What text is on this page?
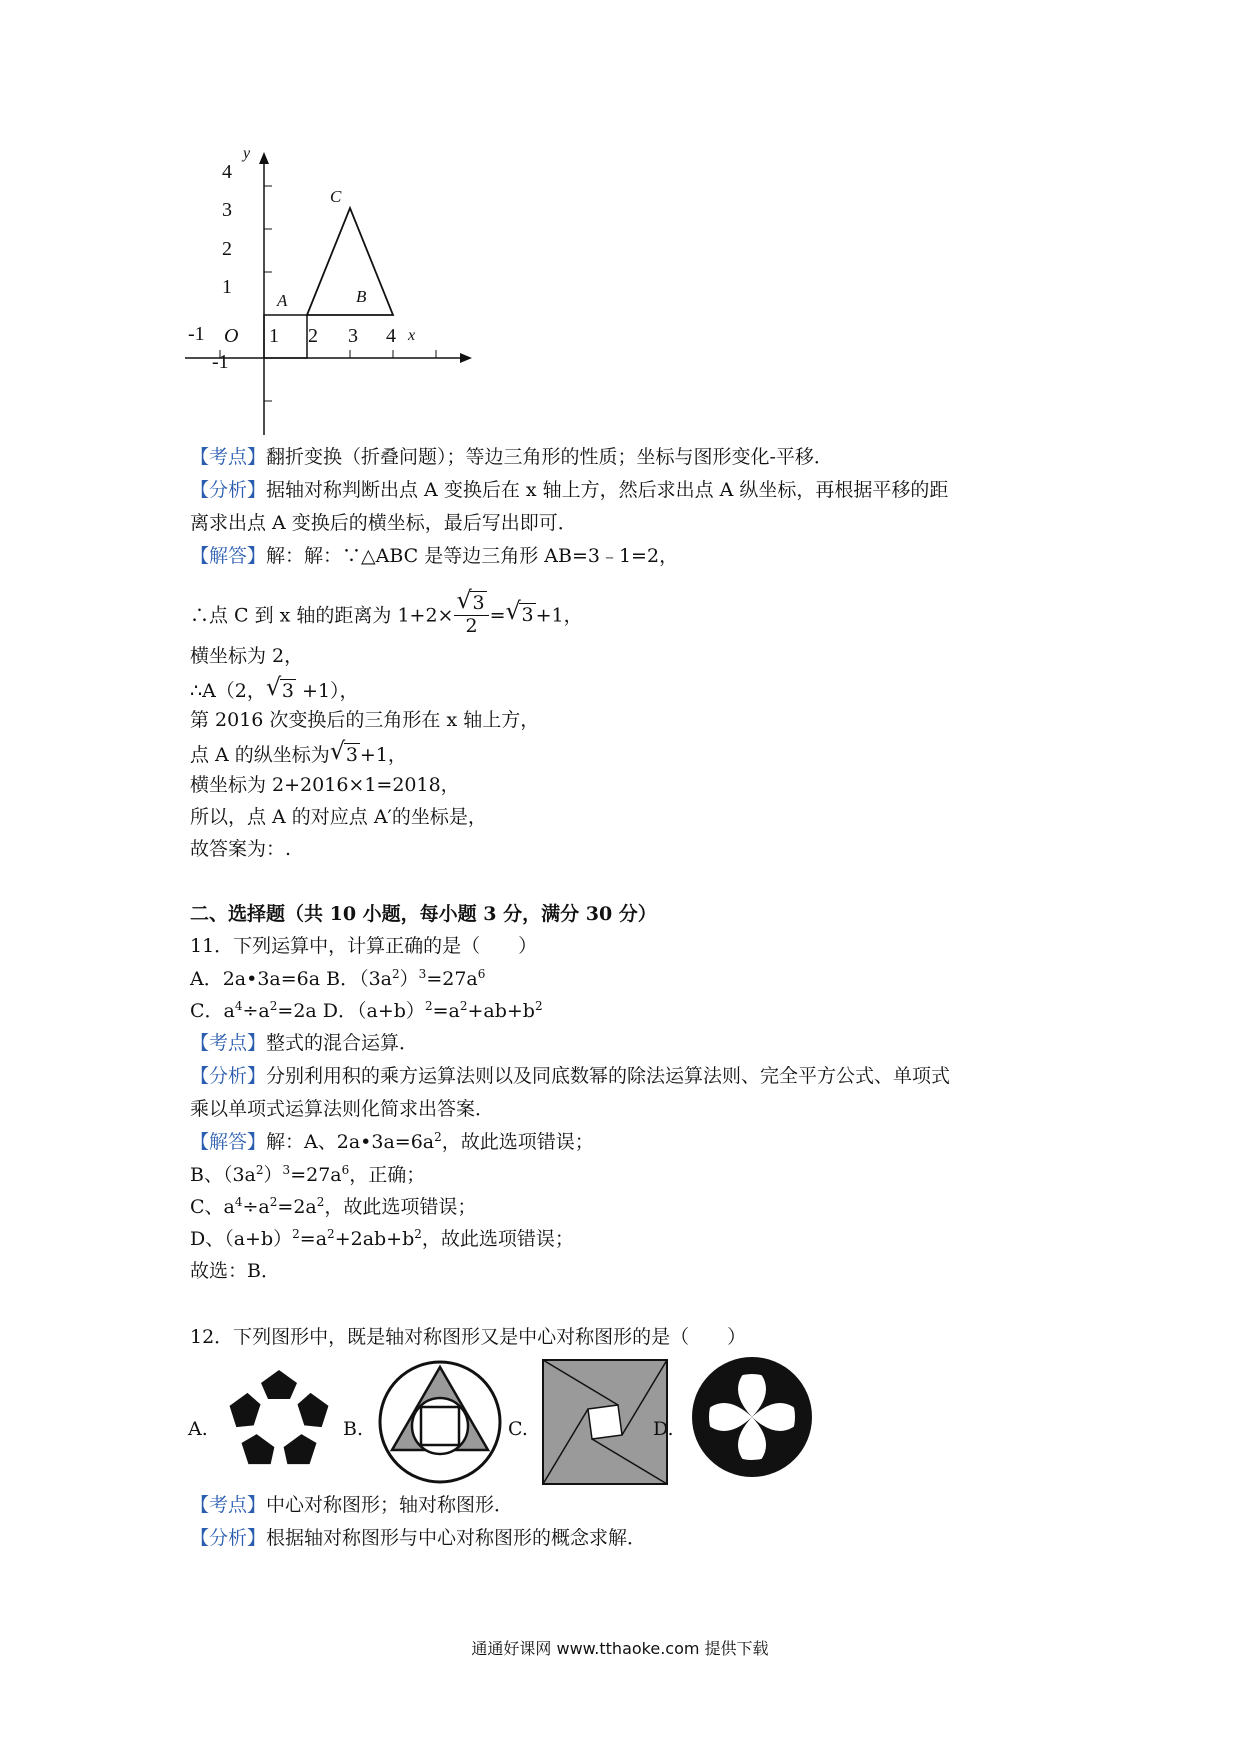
y
x
O
4
3
2
1
-1
-1	1 2 3 4
A	B
C
【考点】翻折变换（折叠问题）；等边三角形的性质；坐标与图形变化-平移．
【分析】据轴对称判断出点 A 变换后在 x 轴上方，然后求出点 A 纵坐标，再根据平移的距
离求出点 A 变换后的横坐标，最后写出即可．
【解答】解：解：∵△ABC 是等边三角形 AB=3﹣1=2，
∴点 C 到 x 轴的距离为 $1+2\times \frac{√ 3}{2}$ = √ 3 +1，
横坐标为 2，
∴A（2， √ 3 +1），
第 2016 次变换后的三角形在 x 轴上方，
点 A 的纵坐标为 √ 3 +1，
横坐标为 2+2016×1=2018，
所以，点 A 的对应点 A′的坐标是，
故答案为：.
二、选择题（共 10 小题，每小题 3 分，满分 30 分）
11．下列运算中，计算正确的是（　　）
A．2a•3a=6a B．$(3a^2)^3=27a^6$
C．$a^4\div a^2=2a$ D．$(a+b)^2=a^2+ab+b^2$
【考点】整式的混合运算．
【分析】分别利用积的乘方运算法则以及同底数幂的除法运算法则、完全平方公式、单项式
乘以单项式运算法则化简求出答案．
【解答】解：A、$2a•3a=6a^2$，故此选项错误；
B、$(3a^2)^3=27a^6$，正确；
C、$a^4\div a^2=2a^2$，故此选项错误；
D、$(a+b)^2=a^2+2ab+b^2$，故此选项错误；
故选：B．
12．下列图形中，既是轴对称图形又是中心对称图形的是（　　）
A.	B.	C.	D.
【考点】中心对称图形；轴对称图形．
【分析】根据轴对称图形与中心对称图形的概念求解．
通通好课网 www.tthaoke.com 提供下载
